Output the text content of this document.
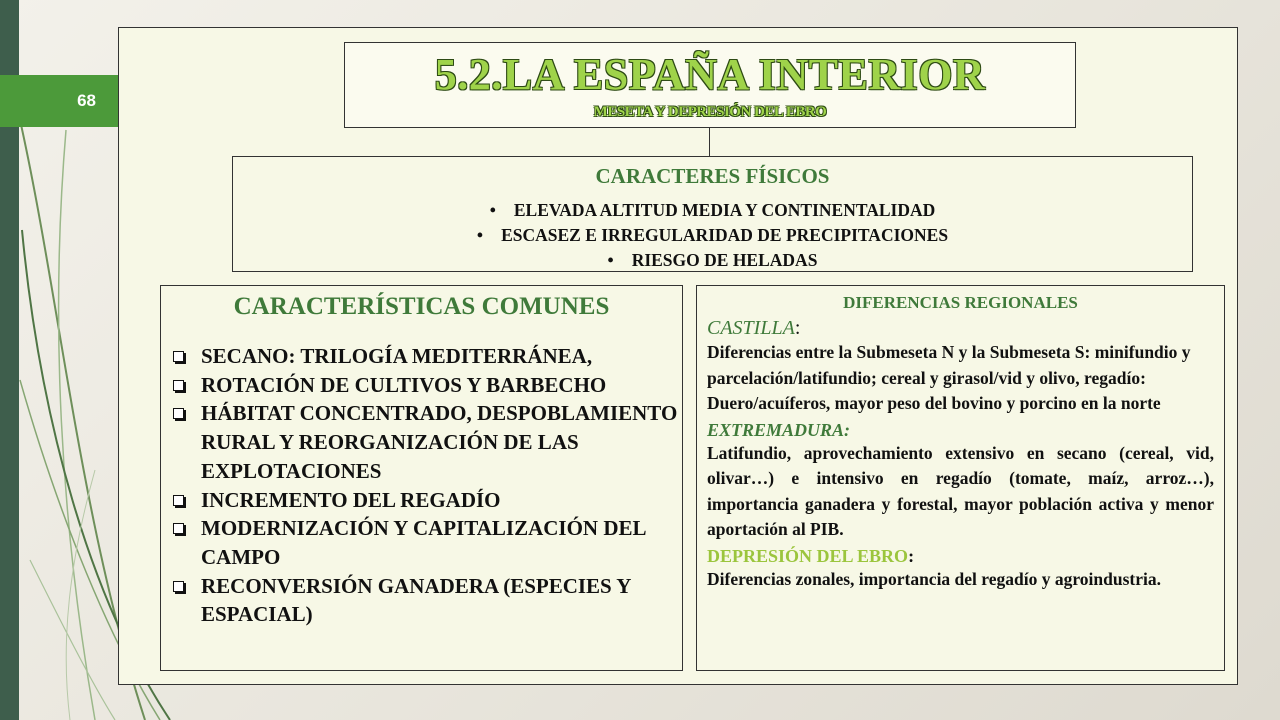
68
5.2.LA ESPAÑA INTERIOR
MESETA Y DEPRESIÓN DEL EBRO
CARACTERES FÍSICOS
• ELEVADA ALTITUD MEDIA Y CONTINENTALIDAD
• ESCASEZ E IRREGULARIDAD DE PRECIPITACIONES
• RIESGO DE HELADAS
CARACTERÍSTICAS COMUNES
SECANO: TRILOGÍA MEDITERRÁNEA,
ROTACIÓN DE CULTIVOS Y BARBECHO
HÁBITAT CONCENTRADO, DESPOBLAMIENTO RURAL Y REORGANIZACIÓN DE LAS EXPLOTACIONES
INCREMENTO DEL REGADÍO
MODERNIZACIÓN Y CAPITALIZACIÓN DEL CAMPO
RECONVERSIÓN GANADERA (ESPECIES Y ESPACIAL)
DIFERENCIAS REGIONALES
CASTILLA:
Diferencias entre la Submeseta N y la Submeseta S: minifundio y parcelación/latifundio; cereal y girasol/vid y olivo, regadío: Duero/acuíferos, mayor peso del bovino y porcino en la norte
EXTREMADURA:
Latifundio, aprovechamiento extensivo en secano (cereal, vid, olivar…) e intensivo en regadío (tomate, maíz, arroz…), importancia ganadera y forestal, mayor población activa y menor aportación al PIB.
DEPRESIÓN DEL EBRO:
Diferencias zonales, importancia del regadío y agroindustria.
